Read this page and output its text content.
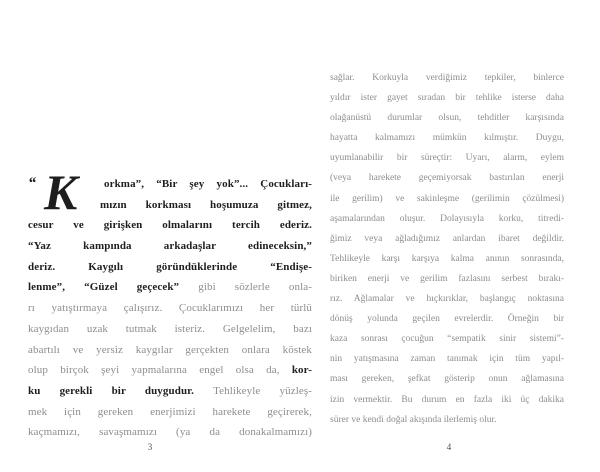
“ K	orkma”, “Bir şey yok”... Çocukları-
mızın korkması hoşumuza gitmez,
cesur ve girişken olmalarını tercih ederiz.
“Yaz kampında arkadaşlar edineceksin,”
deriz. Kaygılı göründüklerinde “Endişe-
lenme”, “Güzel geçecek” gibi sözlerle onla-
rı yatıştırmaya çalışırız. Çocuklarımızı her türlü
kaygıdan uzak tutmak isteriz. Gelgelelim, bazı
abartılı ve yersiz kaygılar gerçekten onlara köstek
olup birçok şeyi yapmalarına engel olsa da, kor-
ku gerekli bir duygudur. Tehlikeyle yüzleş-
mek için gereken enerjimizi harekete geçirerek,
kaçmamızı, savaşmamızı (ya da donakalmamızı)
sağlar. Korkuyla verdiğimiz tepkiler, binlerce
yıldır ister gayet sıradan bir tehlike isterse daha
olağanüstü durumlar olsun, tehditler karşısında
hayatta kalmamızı mümkün kılmıştır. Duygu,
uyumlanabilir bir süreçtir: Uyarı, alarm, eylem
(veya harekete geçemiyorsak bastırılan enerji
ile gerilim) ve sakinleşme (gerilimin çözülmesi)
aşamalarından oluşur. Dolayısıyla korku, titredi-
ğimiz veya ağladığımız anlardan ibaret değildir.
Tehlikeyle karşı karşıya kalma anının sonrasında,
biriken enerji ve gerilim fazlasını serbest bırakı-
rız. Ağlamalar ve hıçkırıklar, başlangıç noktasına
dönüş yolunda geçilen evrelerdir. Örneğin bir
kaza sonrası çocuğun “sempatik sinir sistemi”-
nin yatışmasına zaman tanımak için tüm yapıl-
ması gereken, şefkat gösterip onun ağlamasına
izin vermektir. Bu durum en fazla iki üç dakika
sürer ve kendi doğal akışında ilerlemiş olur.
3	4
